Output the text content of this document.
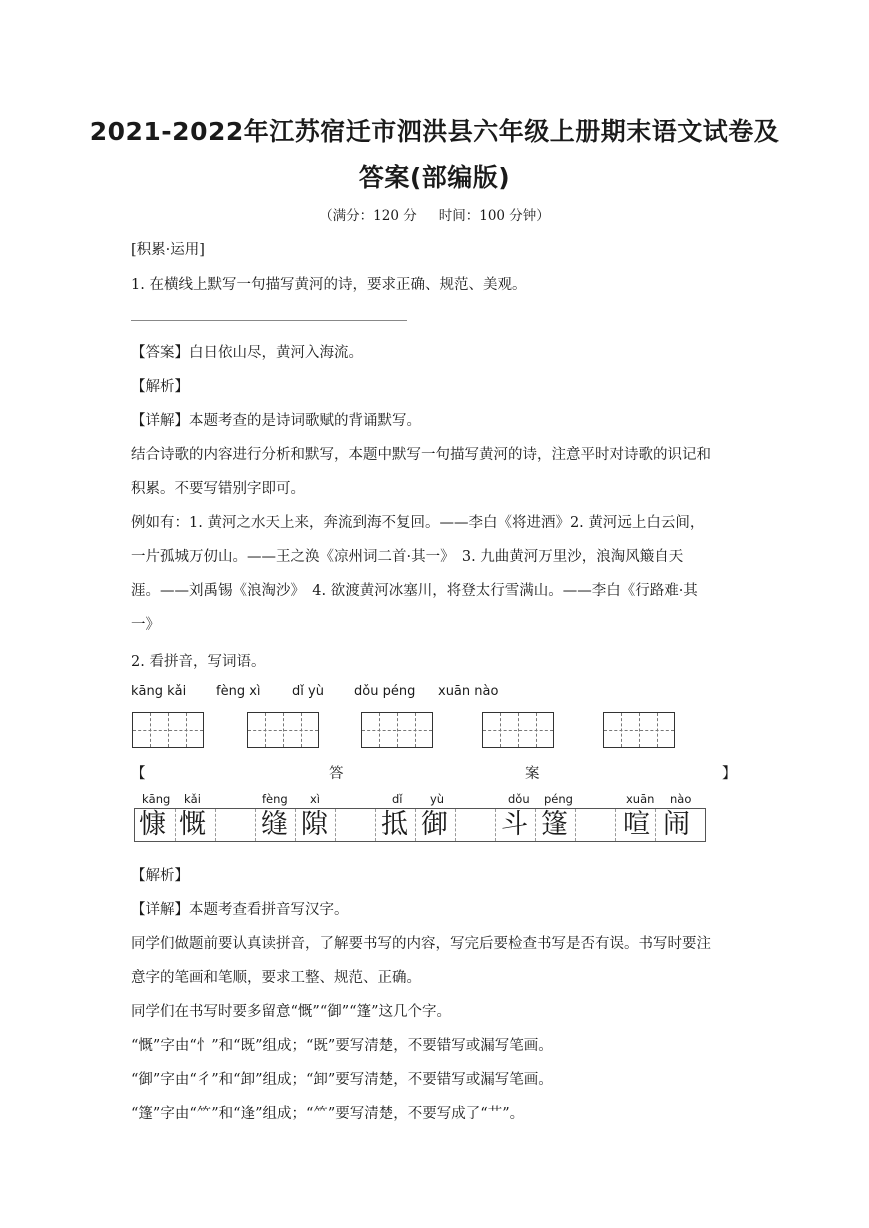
2021-2022年江苏宿迁市泗洪县六年级上册期末语文试卷及
答案(部编版)
（满分：120 分 时间：100 分钟）
[积累·运用]
1. 在横线上默写一句描写黄河的诗，要求正确、规范、美观。
【答案】白日依山尽，黄河入海流。
【解析】
【详解】本题考查的是诗词歌赋的背诵默写。
结合诗歌的内容进行分析和默写，本题中默写一句描写黄河的诗，注意平时对诗歌的识记和
积累。不要写错别字即可。
例如有：1. 黄河之水天上来，奔流到海不复回。——李白《将进酒》2. 黄河远上白云间，
一片孤城万仞山。——王之涣《凉州词二首·其一》　3. 九曲黄河万里沙，浪淘风簸自天
涯。——刘禹锡《浪淘沙》　4. 欲渡黄河冰塞川，将登太行雪满山。——李白《行路难·其
一》
2. 看拼音，写词语。
kāng kǎi fèng xì dǐ yù dǒu péng xuān nào
【	答	案	】
kāng kǎi	fèng xì	dǐ yù	dǒu péng	xuān nào
慷 慨 缝 隙 抵 御 斗 篷 喧 闹
【解析】
【详解】本题考查看拼音写汉字。
同学们做题前要认真读拼音，了解要书写的内容，写完后要检查书写是否有误。书写时要注
意字的笔画和笔顺，要求工整、规范、正确。
同学们在书写时要多留意“慨”“御”“篷”这几个字。
“慨”字由“忄”和“既”组成；“既”要写清楚，不要错写或漏写笔画。
“御”字由“彳”和“卸”组成；“卸”要写清楚，不要错写或漏写笔画。
“篷”字由“⺮”和“逢”组成；“⺮”要写清楚，不要写成了“艹”。
